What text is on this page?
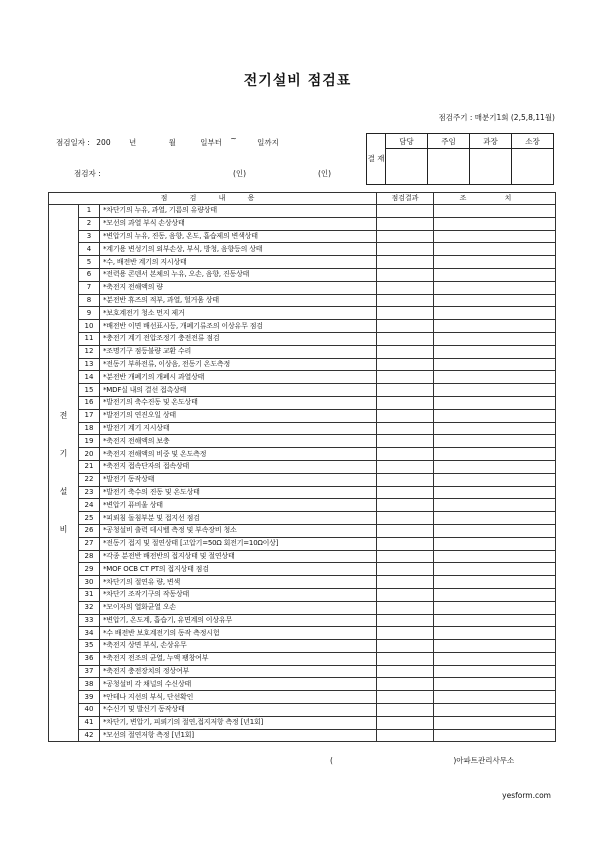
전기설비 점검표
점검주기 : 매분기1회 (2,5,8,11월)
점검일자 : 200 년	월	일부터 ~	일까지
점검자 :	(인)	(인)
결 재	담당	주임	과장	소장

점 검 내 용			점검결과	조 치

전
기
설
비	1	*차단기의 누유, 과열, 기름의 유량상태		
	2	*모선의 과열 부식 손상상태		
	3	*변압기의 누유, 진동, 음향, 온도, 흡습제의 변색상태		
	4	*계기용 변성기의 외부손상, 부식, 방청, 음향등의 상태		
	5	*수, 배전반 계기의 지시상태		
	6	*전력용 콘덴서 본체의 누유, 오손, 음향, 진동상태		
	7	*축전지 전해액의 량		
	8	*분전반 휴즈의 적부, 과열, 헐거움 상태		
	9	*보호계전기 청소 먼지 제거		
	10	*배전반 이면 배선표시등, 개폐기류조의 이상유무 점검		
	11	*충전기 계기 전압조정기 충전전류 점검		
	12	*조명기구 점등불량 교환 수리		
	13	*전동기 부하전류, 이상음, 전동기 온도측정		
	14	*분전반 개폐기의 개폐시 과열상태		
	15	*MDF실 내의 결선 접촉상태		
	16	*발전기의 축수진동 및 온도상태		
	17	*발전기의 연진오일 상태		
	18	*발전기 계기 지시상태		
	19	*축전지 전해액의 보충		
	20	*축전지 전해액의 비중 및 온도측정		
	21	*축전지 접속단자의 접속상태		
	22	*발전기 동작상태		
	23	*발전기 축수의 진동 및 온도상태		
	24	*변압기 퓨비울 상태		
	25	*피뢰침 돌침부분 및 접지선 점검		
	26	*공청설비 출력 데시벨 측정 및 부속장비 청소		
	27	*전동기 접지 및 절연상태 [고압기=50Ω 회전기=10Ω이상]		
	28	*각종 분전반 배전반의 접지상태 및 절연상태		
	29	*MOF OCB CT PT의 접지상태 점검		
	30	*차단기의 절연유 량, 변색		
	31	*차단기 조작기구의 작동상태		
	32	*모이자의 열화균열 오손		
	33	*변압기, 온도계, 흡습기, 유면계의 이상유무		
	34	*수 배전반 보호계전기의 동작 측정시험		
	35	*축전지 상면 부식, 손상유무		
	36	*축전지 전조의 균열, 누액 팽창여부		
	37	*축전지 충전장치의 정상여부		
	38	*공청설비 각 채널의 수신상태		
	39	*안테나 지선의 부식, 단선확인		
	40	*수신기 및 발신기 동작상태		
	41	*차단기, 변압기, 피뢰기의 절연,접지저항 측정 [년1회]		
	42	*모선의 절연저항 측정 [년1회]		
(	)아파트관리사무소
yesform.com
